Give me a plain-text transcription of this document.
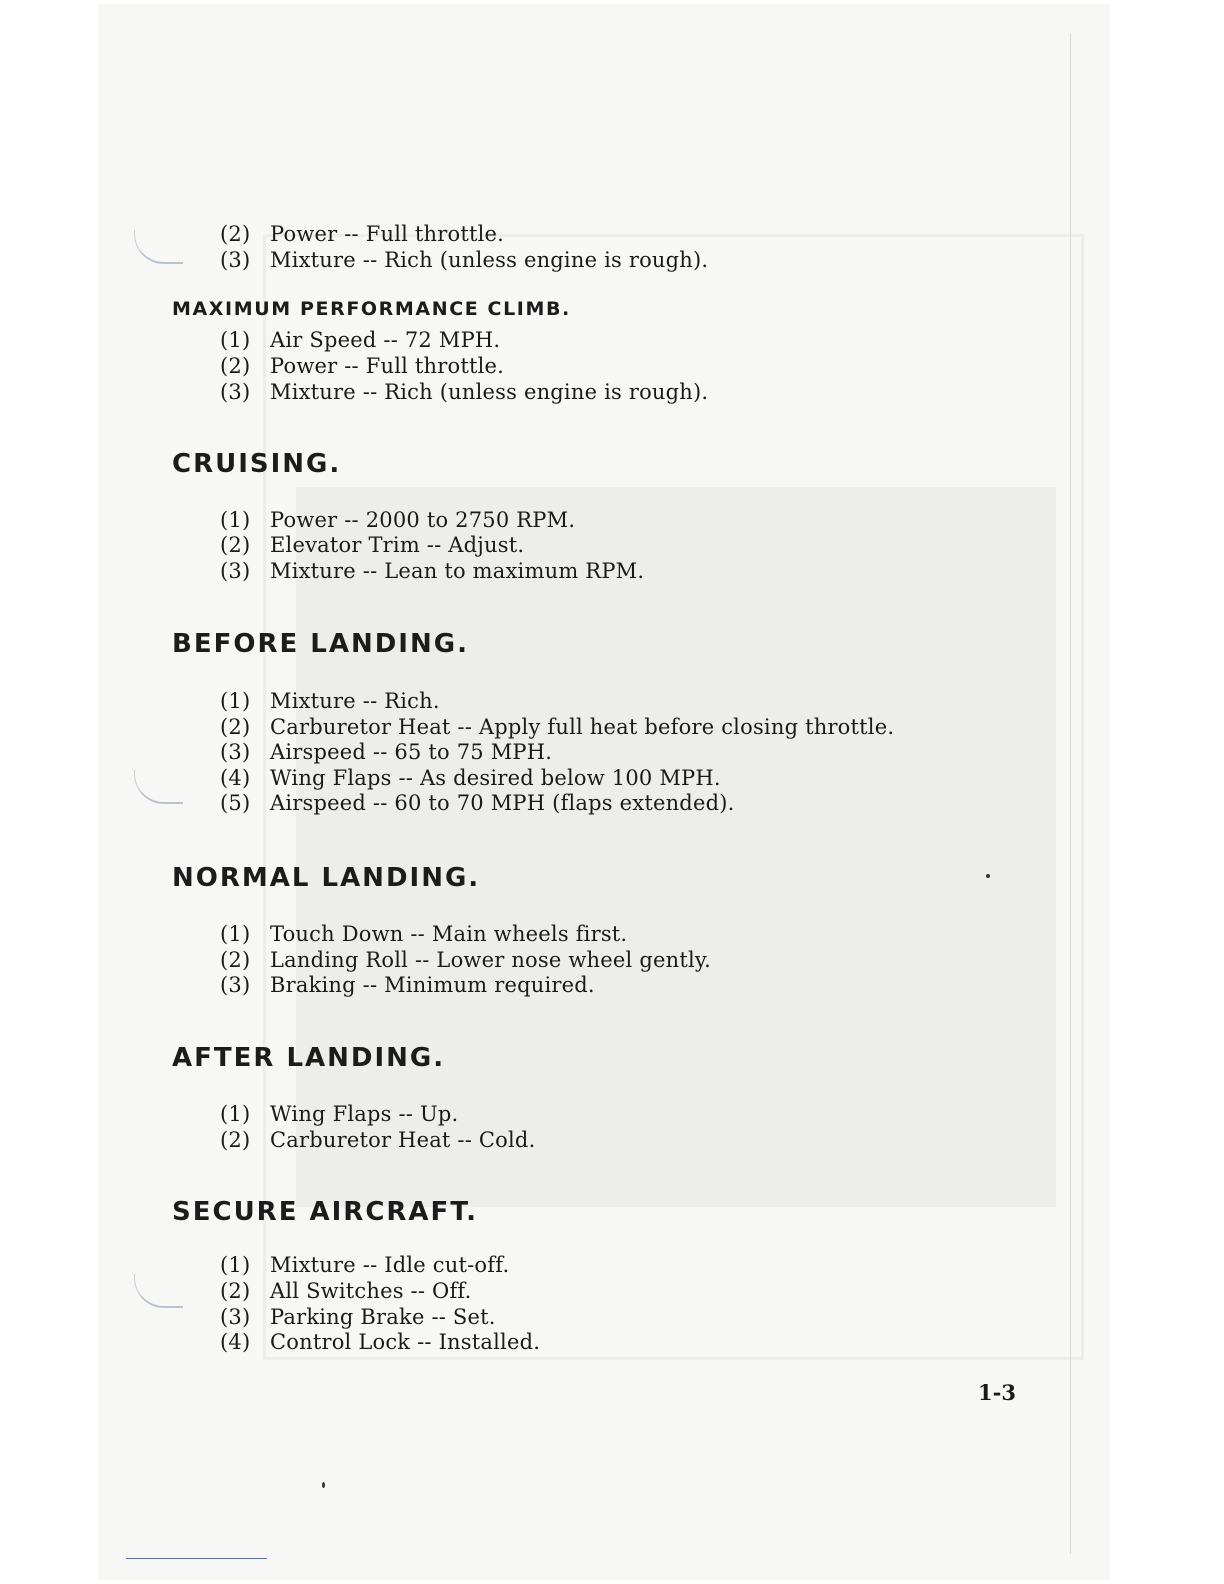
(2) Power -- Full throttle.
(3) Mixture -- Rich (unless engine is rough).
MAXIMUM PERFORMANCE CLIMB.
(1) Air Speed -- 72 MPH.
(2) Power -- Full throttle.
(3) Mixture -- Rich (unless engine is rough).
CRUISING.
(1) Power -- 2000 to 2750 RPM.
(2) Elevator Trim -- Adjust.
(3) Mixture -- Lean to maximum RPM.
BEFORE LANDING.
(1) Mixture -- Rich.
(2) Carburetor Heat -- Apply full heat before closing throttle.
(3) Airspeed -- 65 to 75 MPH.
(4) Wing Flaps -- As desired below 100 MPH.
(5) Airspeed -- 60 to 70 MPH (flaps extended).
NORMAL LANDING.
(1) Touch Down -- Main wheels first.
(2) Landing Roll -- Lower nose wheel gently.
(3) Braking -- Minimum required.
AFTER LANDING.
(1) Wing Flaps -- Up.
(2) Carburetor Heat -- Cold.
SECURE AIRCRAFT.
(1) Mixture -- Idle cut-off.
(2) All Switches -- Off.
(3) Parking Brake -- Set.
(4) Control Lock -- Installed.
1-3
